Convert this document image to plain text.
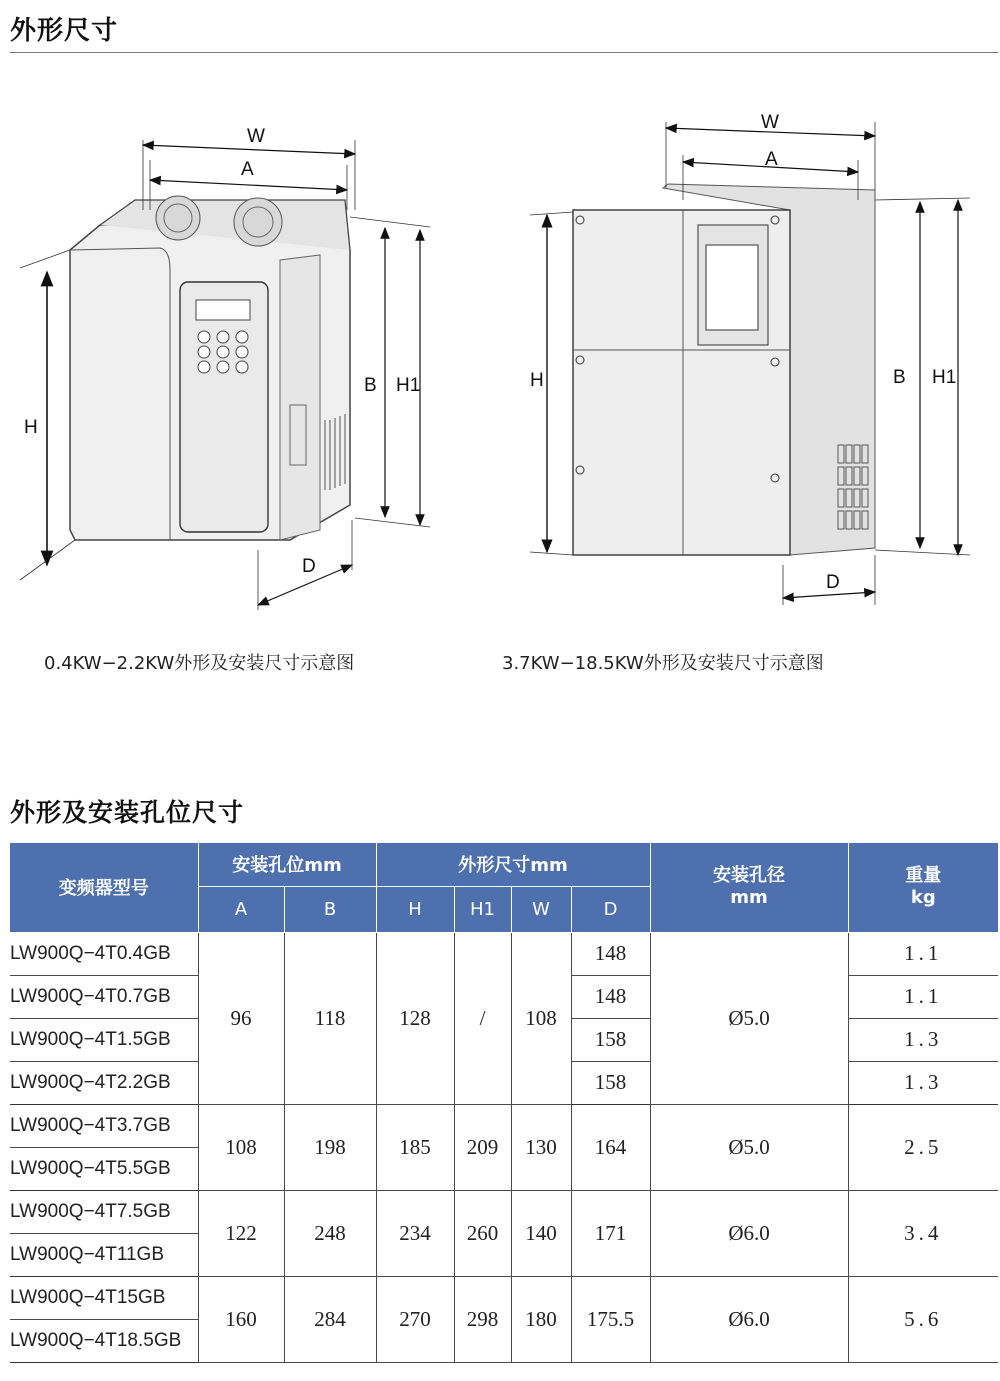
外形尺寸
W
A
H
B H1
D
W
A
H	B H1
D
0.4KW−2.2KW外形及安装尺寸示意图	3.7KW−18.5KW外形及安装尺寸示意图
外形及安装孔位尺寸
变频器型号	安装孔位mm		外形尺寸mm				安装孔径
mm	重量
kg
	A	B	H	H1	W	D		
LW900Q−4T0.4GB	96	118	128	/	108	148	Ø5.0	1.1
LW900Q−4T0.7GB						148		1.1
LW900Q−4T1.5GB						158		1.3
LW900Q−4T2.2GB						158		1.3
LW900Q−4T3.7GB	108	198	185	209	130	164	Ø5.0	2.5
LW900Q−4T5.5GB								
LW900Q−4T7.5GB	122	248	234	260	140	171	Ø6.0	3.4
LW900Q−4T11GB								
LW900Q−4T15GB	160	284	270	298	180	175.5	Ø6.0	5.6
LW900Q−4T18.5GB								
